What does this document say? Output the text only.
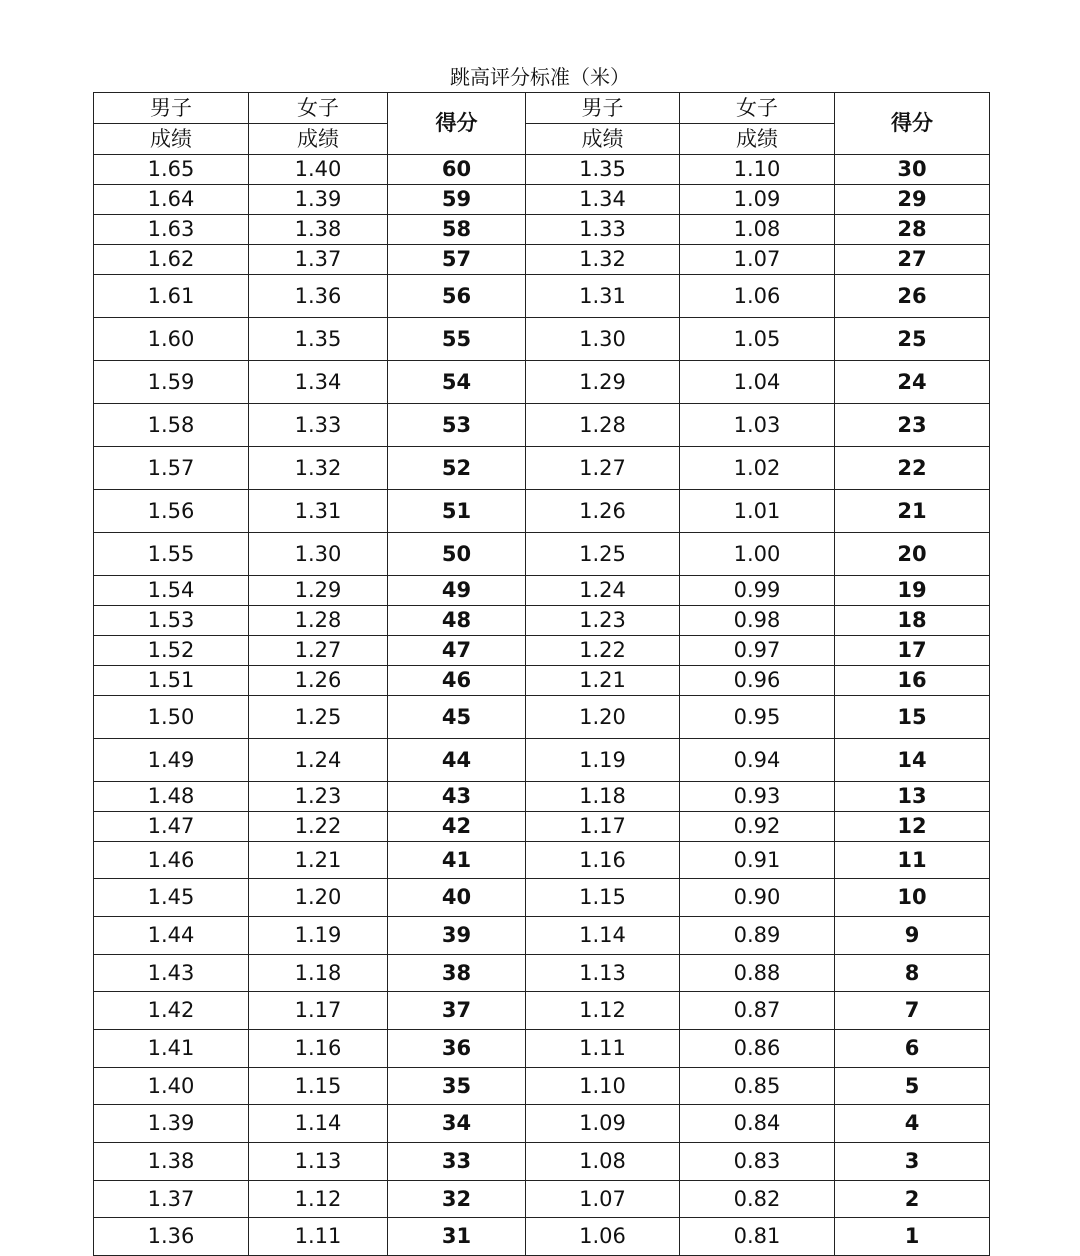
跳高评分标准（米）
男子	女子	得分	男子	女子	得分
成绩	成绩		成绩	成绩	
1.65	1.40	60	1.35	1.10	30
1.64	1.39	59	1.34	1.09	29
1.63	1.38	58	1.33	1.08	28
1.62	1.37	57	1.32	1.07	27
1.61	1.36	56	1.31	1.06	26
1.60	1.35	55	1.30	1.05	25
1.59	1.34	54	1.29	1.04	24
1.58	1.33	53	1.28	1.03	23
1.57	1.32	52	1.27	1.02	22
1.56	1.31	51	1.26	1.01	21
1.55	1.30	50	1.25	1.00	20
1.54	1.29	49	1.24	0.99	19
1.53	1.28	48	1.23	0.98	18
1.52	1.27	47	1.22	0.97	17
1.51	1.26	46	1.21	0.96	16
1.50	1.25	45	1.20	0.95	15
1.49	1.24	44	1.19	0.94	14
1.48	1.23	43	1.18	0.93	13
1.47	1.22	42	1.17	0.92	12
1.46	1.21	41	1.16	0.91	11
1.45	1.20	40	1.15	0.90	10
1.44	1.19	39	1.14	0.89	9
1.43	1.18	38	1.13	0.88	8
1.42	1.17	37	1.12	0.87	7
1.41	1.16	36	1.11	0.86	6
1.40	1.15	35	1.10	0.85	5
1.39	1.14	34	1.09	0.84	4
1.38	1.13	33	1.08	0.83	3
1.37	1.12	32	1.07	0.82	2
1.36	1.11	31	1.06	0.81	1
